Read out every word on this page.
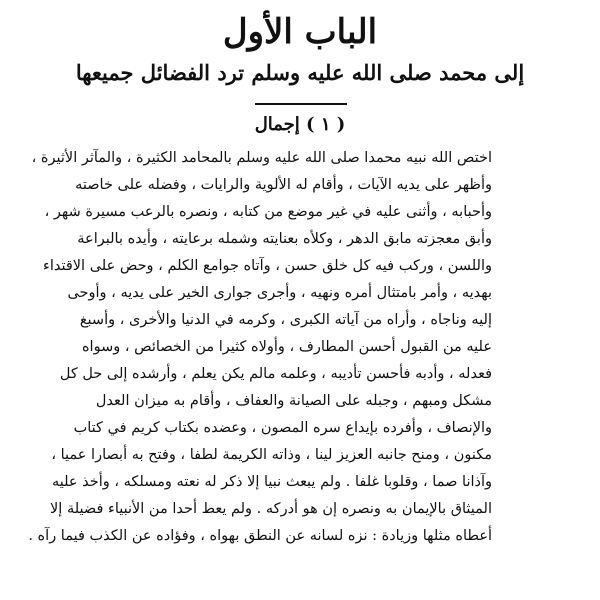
الباب الأول
إلى محمد صلى الله عليه وسلم ترد الفضائل جميعها
( ١ ) إجمال
اختص الله نبيه محمدا صلى الله عليه وسلم بالمحامد الكثيرة ، والمآثر الأثيرة ،
وأظهر على يديه الآيات ، وأقام له الألوية والرايات ، وفضله على خاصته
وأحبابه ، وأثنى عليه في غير موضع من كتابه ، ونصره بالرعب مسيرة شهر ،
وأبق معجزته مابق الدهر ، وكلأه بعنايته وشمله برعايته ، وأيده بالبراعة
واللسن ، وركب فيه كل خلق حسن ، وآتاه جوامع الكلم ، وحض على الاقتداء
بهديه ، وأمر بامتثال أمره ونهيه ، وأجرى جوارى الخير على يديه ، وأوحى
إليه وناجاه ، وأراه من آياته الكبرى ، وكرمه في الدنيا والأخرى ، وأسبغ
عليه من القبول أحسن المطارف ، وأولاه كثيرا من الخصائص ، وسواه
فعدله ، وأدبه فأحسن تأديبه ، وعلمه مالم يكن يعلم ، وأرشده إلى حل كل
مشكل ومبهم ، وجبله على الصيانة والعفاف ، وأقام به ميزان العدل
والإنصاف ، وأفرده بإيداع سره المصون ، وعضده بكتاب كريم في كتاب
مكنون ، ومنح جانبه العزيز لينا ، وذاته الكريمة لطفا ، وفتح به أبصارا عميا ،
وآذانا صما ، وقلوبا غلفا . ولم يبعث نبيا إلا ذكر له نعته ومسلكه ، وأخذ عليه
الميثاق بالإيمان به ونصره إن هو أدركه . ولم يعط أحدا من الأنبياء فضيلة إلا
أعطاه مثلها وزيادة : نزه لسانه عن النطق بهواه ، وفؤاده عن الكذب فيما رآه .
